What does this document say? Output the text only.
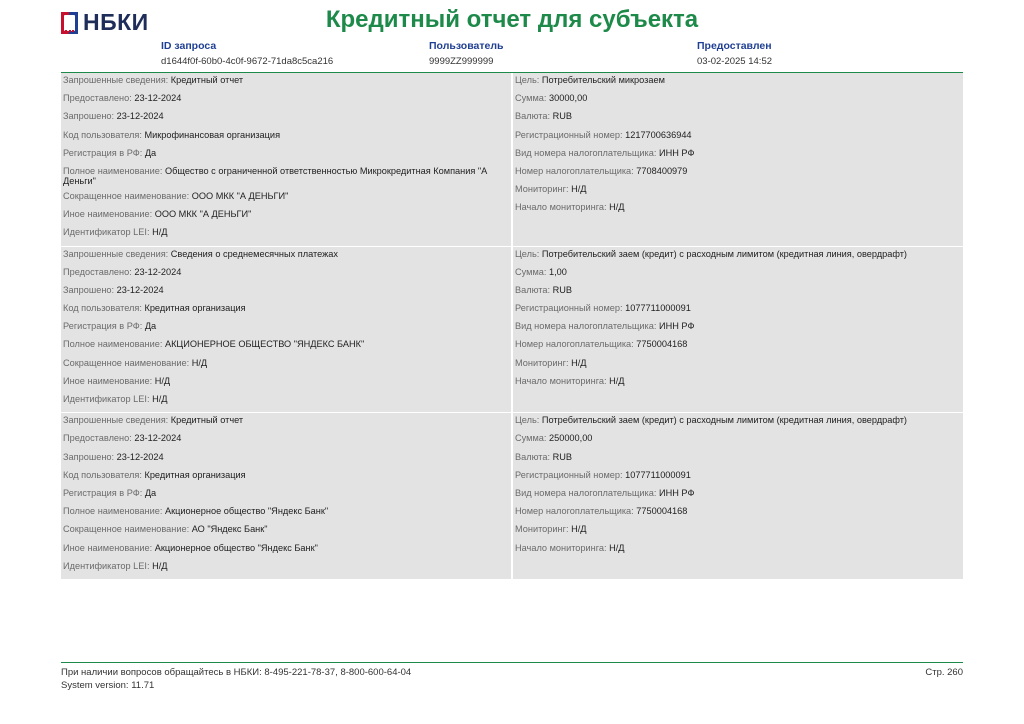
НБКИ	Кредитный отчет для субъекта
ID запроса
d1644f0f-60b0-4c0f-9672-71da8c5ca216
Пользователь
9999ZZ999999
Предоставлен
03-02-2025 14:52
Запрошенные сведения: Кредитный отчет
Предоставлено: 23-12-2024
Запрошено: 23-12-2024
Код пользователя: Микрофинансовая организация
Регистрация в РФ: Да
Полное наименование: Общество с ограниченной ответственностью Микрокредитная Компания "А Деньги"
Сокращенное наименование: ООО МКК "А ДЕНЬГИ"
Иное наименование: ООО МКК "А ДЕНЬГИ"
Идентификатор LEI: Н/Д
Цель: Потребительский микрозаем
Сумма: 30000,00
Валюта: RUB
Регистрационный номер: 1217700636944
Вид номера налогоплательщика: ИНН РФ
Номер налогоплательщика: 7708400979
Мониторинг: Н/Д
Начало мониторинга: Н/Д
Запрошенные сведения: Сведения о среднемесячных платежах
Предоставлено: 23-12-2024
Запрошено: 23-12-2024
Код пользователя: Кредитная организация
Регистрация в РФ: Да
Полное наименование: АКЦИОНЕРНОЕ ОБЩЕСТВО "ЯНДЕКС БАНК"
Сокращенное наименование: Н/Д
Иное наименование: Н/Д
Идентификатор LEI: Н/Д
Цель: Потребительский заем (кредит) с расходным лимитом (кредитная линия, овердрафт)
Сумма: 1,00
Валюта: RUB
Регистрационный номер: 1077711000091
Вид номера налогоплательщика: ИНН РФ
Номер налогоплательщика: 7750004168
Мониторинг: Н/Д
Начало мониторинга: Н/Д
Запрошенные сведения: Кредитный отчет
Предоставлено: 23-12-2024
Запрошено: 23-12-2024
Код пользователя: Кредитная организация
Регистрация в РФ: Да
Полное наименование: Акционерное общество "Яндекс Банк"
Сокращенное наименование: АО "Яндекс Банк"
Иное наименование: Акционерное общество "Яндекс Банк"
Идентификатор LEI: Н/Д
Цель: Потребительский заем (кредит) с расходным лимитом (кредитная линия, овердрафт)
Сумма: 250000,00
Валюта: RUB
Регистрационный номер: 1077711000091
Вид номера налогоплательщика: ИНН РФ
Номер налогоплательщика: 7750004168
Мониторинг: Н/Д
Начало мониторинга: Н/Д
При наличии вопросов обращайтесь в НБКИ: 8-495-221-78-37, 8-800-600-64-04
System version: 11.71
Стр. 260
